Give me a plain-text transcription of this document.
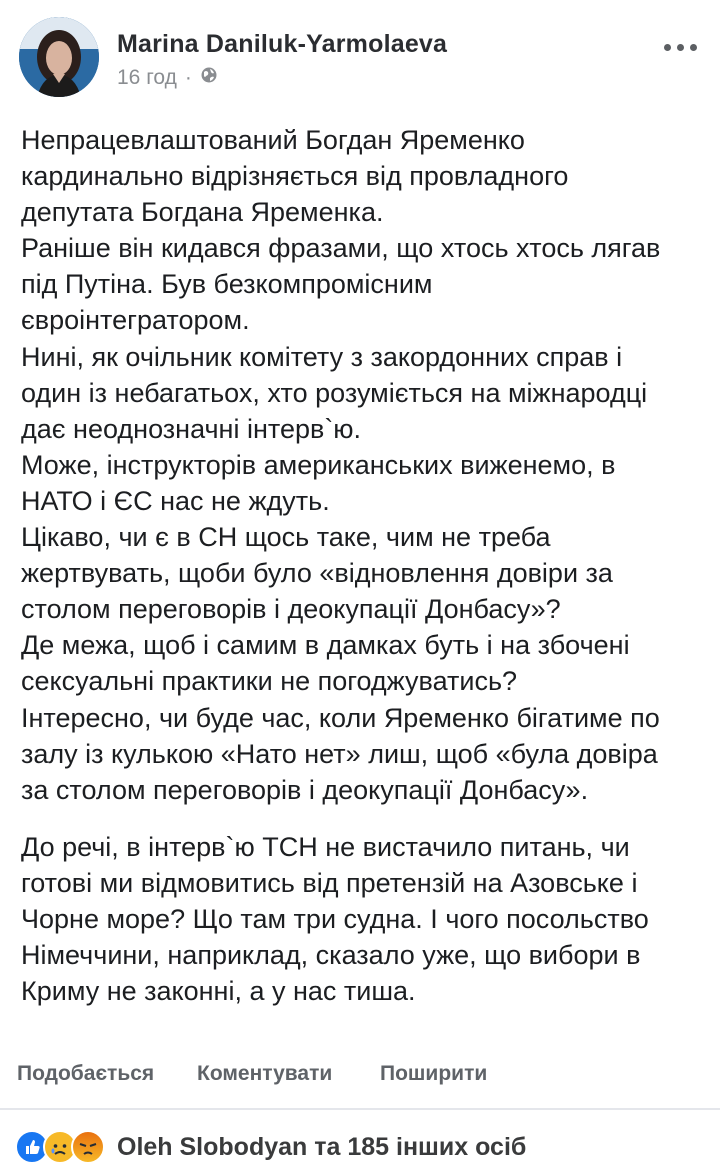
Marina Daniluk-Yarmolaeva
16 год ·

Непрацевлаштований Богдан Яременко
кардинально відрізняється від провладного
депутата Богдана Яременка.
Раніше він кидався фразами, що хтось хтось лягав
під Путіна. Був безкомпромісним
євроінтегратором.
Нині, як очільник комітету з закордонних справ і
один із небагатьох, хто розуміється на міжнародці
дає неоднозначні інтерв`ю.
Може, інструкторів американських виженемо, в
НАТО і ЄС нас не ждуть.
Цікаво, чи є в СН щось таке, чим не треба
жертвувать, щоби було «відновлення довіри за
столом переговорів і деокупації Донбасу»?
Де межа, щоб і самим в дамках буть і на збочені
сексуальні практики не погоджуватись?
Інтересно, чи буде час, коли Яременко бігатиме по
залу із кулькою «Нато нет» лиш, щоб «була довіра
за столом переговорів і деокупації Донбасу».

До речі, в інтерв`ю ТСН не вистачило питань, чи
готові ми відмовитись від претензій на Азовське і
Чорне море? Що там три судна. І чого посольство
Німеччини, наприклад, сказало уже, що вибори в
Криму не законні, а у нас тиша.

Подобається Коментувати Поширити
Oleh Slobodyan та 185 інших осіб
